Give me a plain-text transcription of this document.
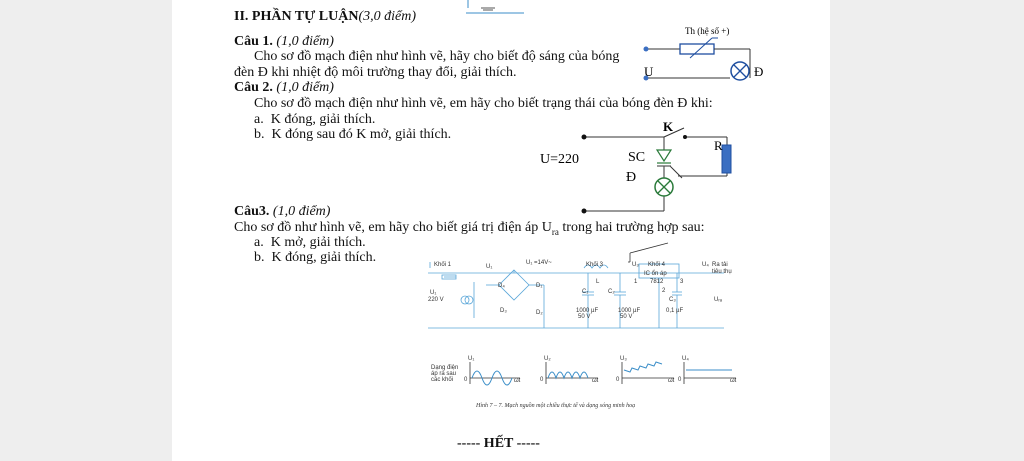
II. PHẦN TỰ LUẬN(3,0 điểm)
Câu 1. (1,0 điểm)
Cho sơ đồ mạch điện như hình vẽ, hãy cho biết độ sáng của bóng
đèn Đ khi nhiệt độ môi trường thay đổi, giải thích.
Câu 2. (1,0 điểm)
Cho sơ đồ mạch điện như hình vẽ, em hãy cho biết trạng thái của bóng đèn Đ khi:
a. K đóng, giải thích.
b. K đóng sau đó K mở, giải thích.
Câu3. (1,0 điểm)
Cho sơ đồ như hình vẽ, em hãy cho biết giá trị điện áp $U_{ra}$ trong hai trường hợp sau:
a. K mở, giải thích.
b. K đóng, giải thích.
----- HẾT -----
Th (hệ số +)
U	Đ
K
R
U=220	SC
Đ
Khối 1	U₁
U₁ =14V~	Khối 3	U₃ Khối 4
IC ổn áp
7812
U₄ Ra tải
tiêu thụ
U₁
220 V
D₄	D₁
D₃	D₂
L
C₁	C₂
C₃
1000 µF
50 V
1000 µF
50 V
0,1 µF
Uᵣₐ
1
2
3
Dạng điện
áp ra sau
các khối
U₁	U₂	U₃	U₄
0	0	0	0
ωt	ωt	ωt	ωt
Hình 7 – 7. Mạch nguồn một chiều thực tế và dạng sóng minh hoạ
